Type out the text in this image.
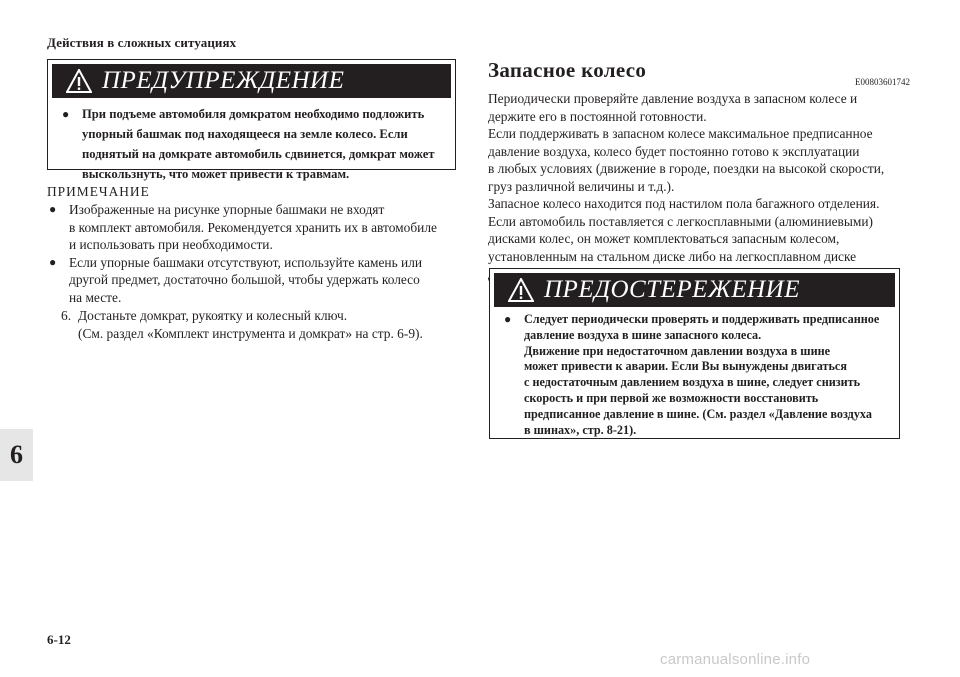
Действия в сложных ситуациях
ПРЕДУПРЕЖДЕНИЕ
●	При подъеме автомобиля домкратом необходимо подложить
упорный башмак под находящееся на земле колесо. Если
поднятый на домкрате автомобиль сдвинется, домкрат может
выскользнуть, что может привести к травмам.
ПРИМЕЧАНИЕ
● Изображенные на рисунке упорные башмаки не входят
в комплект автомобиля. Рекомендуется хранить их в автомобиле
и использовать при необходимости.
● Если упорные башмаки отсутствуют, используйте камень или
другой предмет, достаточно большой, чтобы удержать колесо
на месте.
6. Достаньте домкрат, рукоятку и колесный ключ.
(См. раздел «Комплект инструмента и домкрат» на стр. 6-9).
Запасное колесо	E00803601742
Периодически проверяйте давление воздуха в запасном колесе и
держите его в постоянной готовности.
Если поддерживать в запасном колесе максимальное предписанное
давление воздуха, колесо будет постоянно готово к эксплуатации
в любых условиях (движение в городе, поездки на высокой скорости,
груз различной величины и т.д.).
Запасное колесо находится под настилом пола багажного отделения.
Если автомобиль поставляется с легкосплавными (алюминиевыми)
дисками колес, он может комплектоваться запасным колесом,
установленным на стальном диске либо на легкосплавном диске

ПРЕДОСТЕРЕЖЕНИЕ
●	Следует периодически проверять и поддерживать предписанное
давление воздуха в шине запасного колеса.
Движение при недостаточном давлении воздуха в шине
может привести к аварии. Если Вы вынуждены двигаться
с недостаточным давлением воздуха в шине, следует снизить
скорость и при первой же возможности восстановить
предписанное давление в шине. (См. раздел «Давление воздуха
в шинах», стр. 8-21).
6
6-12
carmanualsonline.info
